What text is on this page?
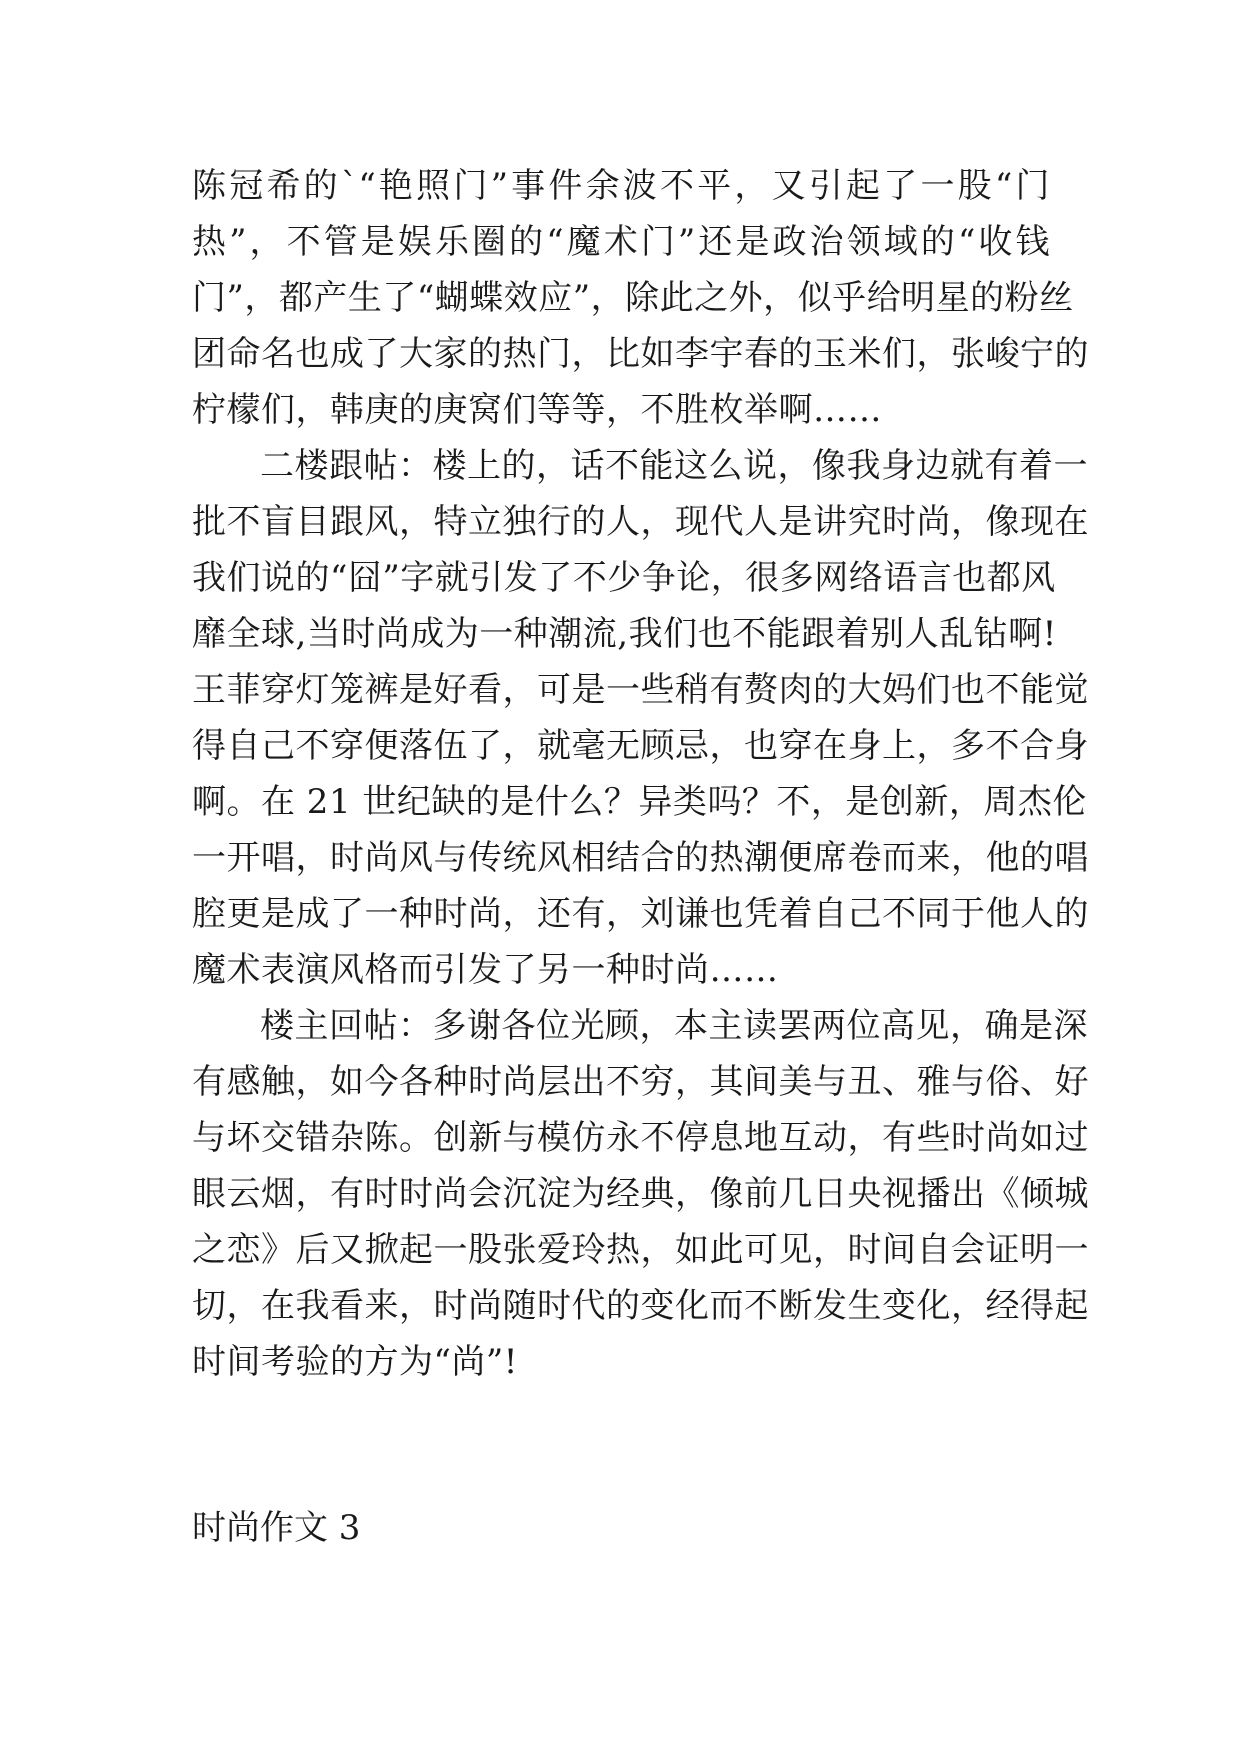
陈冠希的`“艳照门”事件余波不平，又引起了一股“门
热”，不管是娱乐圈的“魔术门”还是政治领域的“收钱
门”，都产生了“蝴蝶效应”，除此之外，似乎给明星的粉丝
团命名也成了大家的热门，比如李宇春的玉米们，张峻宁的
柠檬们，韩庚的庚窝们等等，不胜枚举啊……
二楼跟帖：楼上的，话不能这么说，像我身边就有着一
批不盲目跟风，特立独行的人，现代人是讲究时尚，像现在
我们说的“囧”字就引发了不少争论，很多网络语言也都风
靡全球,当时尚成为一种潮流,我们也不能跟着别人乱钻啊!
王菲穿灯笼裤是好看，可是一些稍有赘肉的大妈们也不能觉
得自己不穿便落伍了，就毫无顾忌，也穿在身上，多不合身
啊。在 21 世纪缺的是什么？异类吗？不，是创新，周杰伦
一开唱，时尚风与传统风相结合的热潮便席卷而来，他的唱
腔更是成了一种时尚，还有，刘谦也凭着自己不同于他人的
魔术表演风格而引发了另一种时尚……
楼主回帖：多谢各位光顾，本主读罢两位高见，确是深
有感触，如今各种时尚层出不穷，其间美与丑、雅与俗、好
与坏交错杂陈。创新与模仿永不停息地互动，有些时尚如过
眼云烟，有时时尚会沉淀为经典，像前几日央视播出《倾城
之恋》后又掀起一股张爱玲热，如此可见，时间自会证明一
切，在我看来，时尚随时代的变化而不断发生变化，经得起
时间考验的方为“尚”!
时尚作文 3
